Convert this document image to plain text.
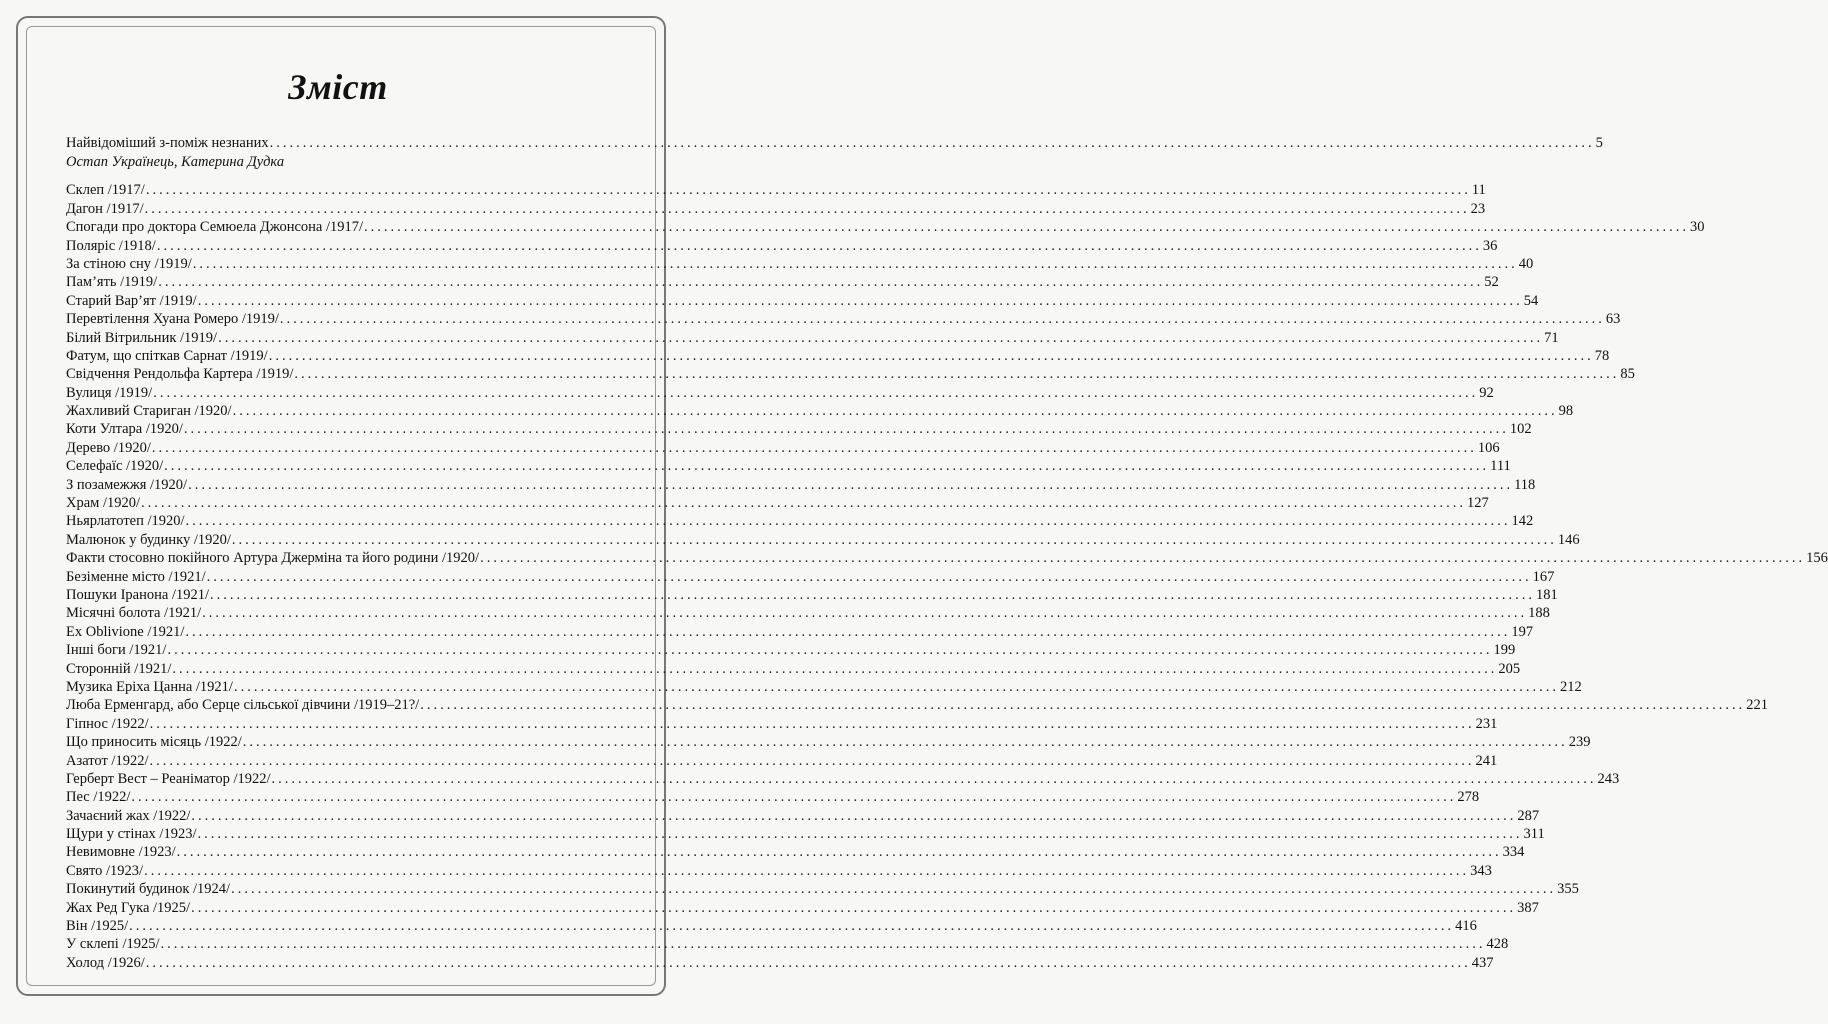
Зміст
Найвідоміший з-поміж незнаних ........................................................................................................................................................................................................ 5
Остап Українець, Катерина Дудка
Склеп /1917/ ........................................................................................................................................................................................................ 11
Дагон /1917/ ........................................................................................................................................................................................................ 23
Спогади про доктора Семюела Джонсона /1917/ ........................................................................................................................................................................................................ 30
Поляріс /1918/ ........................................................................................................................................................................................................ 36
За стіною сну /1919/ ........................................................................................................................................................................................................ 40
Пам’ять /1919/ ........................................................................................................................................................................................................ 52
Старий Вар’ят /1919/ ........................................................................................................................................................................................................ 54
Перевтілення Хуана Ромеро /1919/ ........................................................................................................................................................................................................ 63
Білий Вітрильник /1919/ ........................................................................................................................................................................................................ 71
Фатум, що спіткав Сарнат /1919/ ........................................................................................................................................................................................................ 78
Свідчення Рендольфа Картера /1919/ ........................................................................................................................................................................................................ 85
Вулиця /1919/ ........................................................................................................................................................................................................ 92
Жахливий Стариган /1920/ ........................................................................................................................................................................................................ 98
Коти Ултара /1920/ ........................................................................................................................................................................................................ 102
Дерево /1920/ ........................................................................................................................................................................................................ 106
Селефаїс /1920/ ........................................................................................................................................................................................................ 111
З позамежжя /1920/ ........................................................................................................................................................................................................ 118
Храм /1920/ ........................................................................................................................................................................................................ 127
Ньярлатотеп /1920/ ........................................................................................................................................................................................................ 142
Малюнок у будинку /1920/ ........................................................................................................................................................................................................ 146
Факти стосовно покійного Артура Джерміна та його родини /1920/ ........................................................................................................................................................................................................ 156
Безіменне місто /1921/ ........................................................................................................................................................................................................ 167
Пошуки Іранона /1921/ ........................................................................................................................................................................................................ 181
Місячні болота /1921/ ........................................................................................................................................................................................................ 188
Ex Oblivione /1921/ ........................................................................................................................................................................................................ 197
Інші боги /1921/ ........................................................................................................................................................................................................ 199
Сторонній /1921/ ........................................................................................................................................................................................................ 205
Музика Еріха Цанна /1921/ ........................................................................................................................................................................................................ 212
Люба Ерменгард, або Серце сільської дівчини /1919–21?/ ........................................................................................................................................................................................................ 221
Гіпнос /1922/ ........................................................................................................................................................................................................ 231
Що приносить місяць /1922/ ........................................................................................................................................................................................................ 239
Азатот /1922/ ........................................................................................................................................................................................................ 241
Герберт Вест – Реаніматор /1922/ ........................................................................................................................................................................................................ 243
Пес /1922/ ........................................................................................................................................................................................................ 278
Зачаєний жах /1922/ ........................................................................................................................................................................................................ 287
Щури у стінах /1923/ ........................................................................................................................................................................................................ 311
Невимовне /1923/ ........................................................................................................................................................................................................ 334
Свято /1923/ ........................................................................................................................................................................................................ 343
Покинутий будинок /1924/ ........................................................................................................................................................................................................ 355
Жах Ред Гука /1925/ ........................................................................................................................................................................................................ 387
Він /1925/ ........................................................................................................................................................................................................ 416
У склепі /1925/ ........................................................................................................................................................................................................ 428
Холод /1926/ ........................................................................................................................................................................................................ 437
